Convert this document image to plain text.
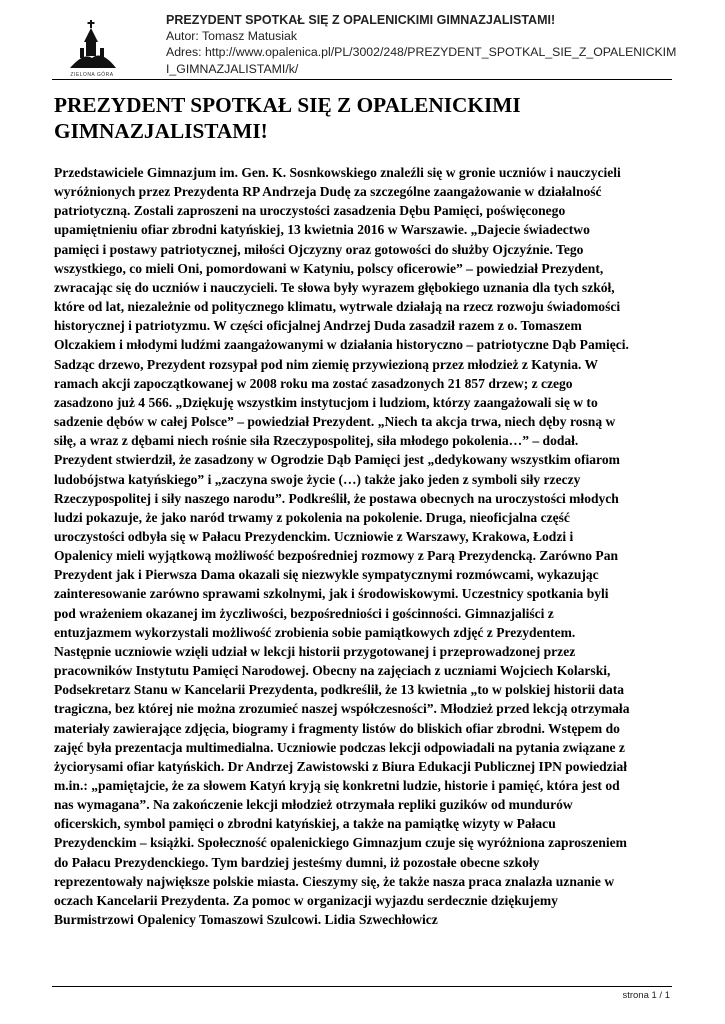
ZIELONA GÓRA
PREZYDENT SPOTKAŁ SIĘ Z OPALENICKIMI GIMNAZJALISTAMI!
Autor: Tomasz Matusiak
Adres: http://www.opalenica.pl/PL/3002/248/PREZYDENT_SPOTKAL_SIE_Z_OPALENICKIM
I_GIMNAZJALISTAMI/k/
PREZYDENT SPOTKAŁ SIĘ Z OPALENICKIMI
GIMNAZJALISTAMI!
Przedstawiciele Gimnazjum im. Gen. K. Sosnkowskiego znaleźli się w gronie uczniów i nauczycieli
wyróżnionych przez Prezydenta RP Andrzeja Dudę za szczególne zaangażowanie w działalność
patriotyczną. Zostali zaproszeni na uroczystości zasadzenia Dębu Pamięci, poświęconego
upamiętnieniu ofiar zbrodni katyńskiej, 13 kwietnia 2016 w Warszawie. „Dajecie świadectwo
pamięci i postawy patriotycznej, miłości Ojczyzny oraz gotowości do służby Ojczyźnie. Tego
wszystkiego, co mieli Oni, pomordowani w Katyniu, polscy oficerowie” – powiedział Prezydent,
zwracając się do uczniów i nauczycieli. Te słowa były wyrazem głębokiego uznania dla tych szkół,
które od lat, niezależnie od politycznego klimatu, wytrwale działają na rzecz rozwoju świadomości
historycznej i patriotyzmu. W części oficjalnej Andrzej Duda zasadził razem z o. Tomaszem
Olczakiem i młodymi ludźmi zaangażowanymi w działania historyczno – patriotyczne Dąb Pamięci.
Sadząc drzewo, Prezydent rozsypał pod nim ziemię przywiezioną przez młodzież z Katynia. W
ramach akcji zapoczątkowanej w 2008 roku ma zostać zasadzonych 21 857 drzew; z czego
zasadzono już 4 566. „Dziękuję wszystkim instytucjom i ludziom, którzy zaangażowali się w to
sadzenie dębów w całej Polsce” – powiedział Prezydent. „Niech ta akcja trwa, niech dęby rosną w
siłę, a wraz z dębami niech rośnie siła Rzeczypospolitej, siła młodego pokolenia…” – dodał.
Prezydent stwierdził, że zasadzony w Ogrodzie Dąb Pamięci jest „dedykowany wszystkim ofiarom
ludobójstwa katyńskiego” i „zaczyna swoje życie (…) także jako jeden z symboli siły rzeczy
Rzeczypospolitej i siły naszego narodu”. Podkreślił, że postawa obecnych na uroczystości młodych
ludzi pokazuje, że jako naród trwamy z pokolenia na pokolenie. Druga, nieoficjalna część
uroczystości odbyła się w Pałacu Prezydenckim. Uczniowie z Warszawy, Krakowa, Łodzi i
Opalenicy mieli wyjątkową możliwość bezpośredniej rozmowy z Parą Prezydencką. Zarówno Pan
Prezydent jak i Pierwsza Dama okazali się niezwykle sympatycznymi rozmówcami, wykazując
zainteresowanie zarówno sprawami szkolnymi, jak i środowiskowymi. Uczestnicy spotkania byli
pod wrażeniem okazanej im życzliwości, bezpośredniości i gościnności. Gimnazjaliści z
entuzjazmem wykorzystali możliwość zrobienia sobie pamiątkowych zdjęć z Prezydentem.
Następnie uczniowie wzięli udział w lekcji historii przygotowanej i przeprowadzonej przez
pracowników Instytutu Pamięci Narodowej. Obecny na zajęciach z uczniami Wojciech Kolarski,
Podsekretarz Stanu w Kancelarii Prezydenta, podkreślił, że 13 kwietnia „to w polskiej historii data
tragiczna, bez której nie można zrozumieć naszej współczesności”. Młodzież przed lekcją otrzymała
materiały zawierające zdjęcia, biogramy i fragmenty listów do bliskich ofiar zbrodni. Wstępem do
zajęć była prezentacja multimedialna. Uczniowie podczas lekcji odpowiadali na pytania związane z
życiorysami ofiar katyńskich. Dr Andrzej Zawistowski z Biura Edukacji Publicznej IPN powiedział
m.in.: „pamiętajcie, że za słowem Katyń kryją się konkretni ludzie, historie i pamięć, która jest od
nas wymagana”. Na zakończenie lekcji młodzież otrzymała repliki guzików od mundurów
oficerskich, symbol pamięci o zbrodni katyńskiej, a także na pamiątkę wizyty w Pałacu
Prezydenckim – książki. Społeczność opalenickiego Gimnazjum czuje się wyróżniona zaproszeniem
do Pałacu Prezydenckiego. Tym bardziej jesteśmy dumni, iż pozostałe obecne szkoły
reprezentowały największe polskie miasta. Cieszymy się, że także nasza praca znalazła uznanie w
oczach Kancelarii Prezydenta. Za pomoc w organizacji wyjazdu serdecznie dziękujemy
Burmistrzowi Opalenicy Tomaszowi Szulcowi. Lidia Szwechłowicz
strona 1 / 1
